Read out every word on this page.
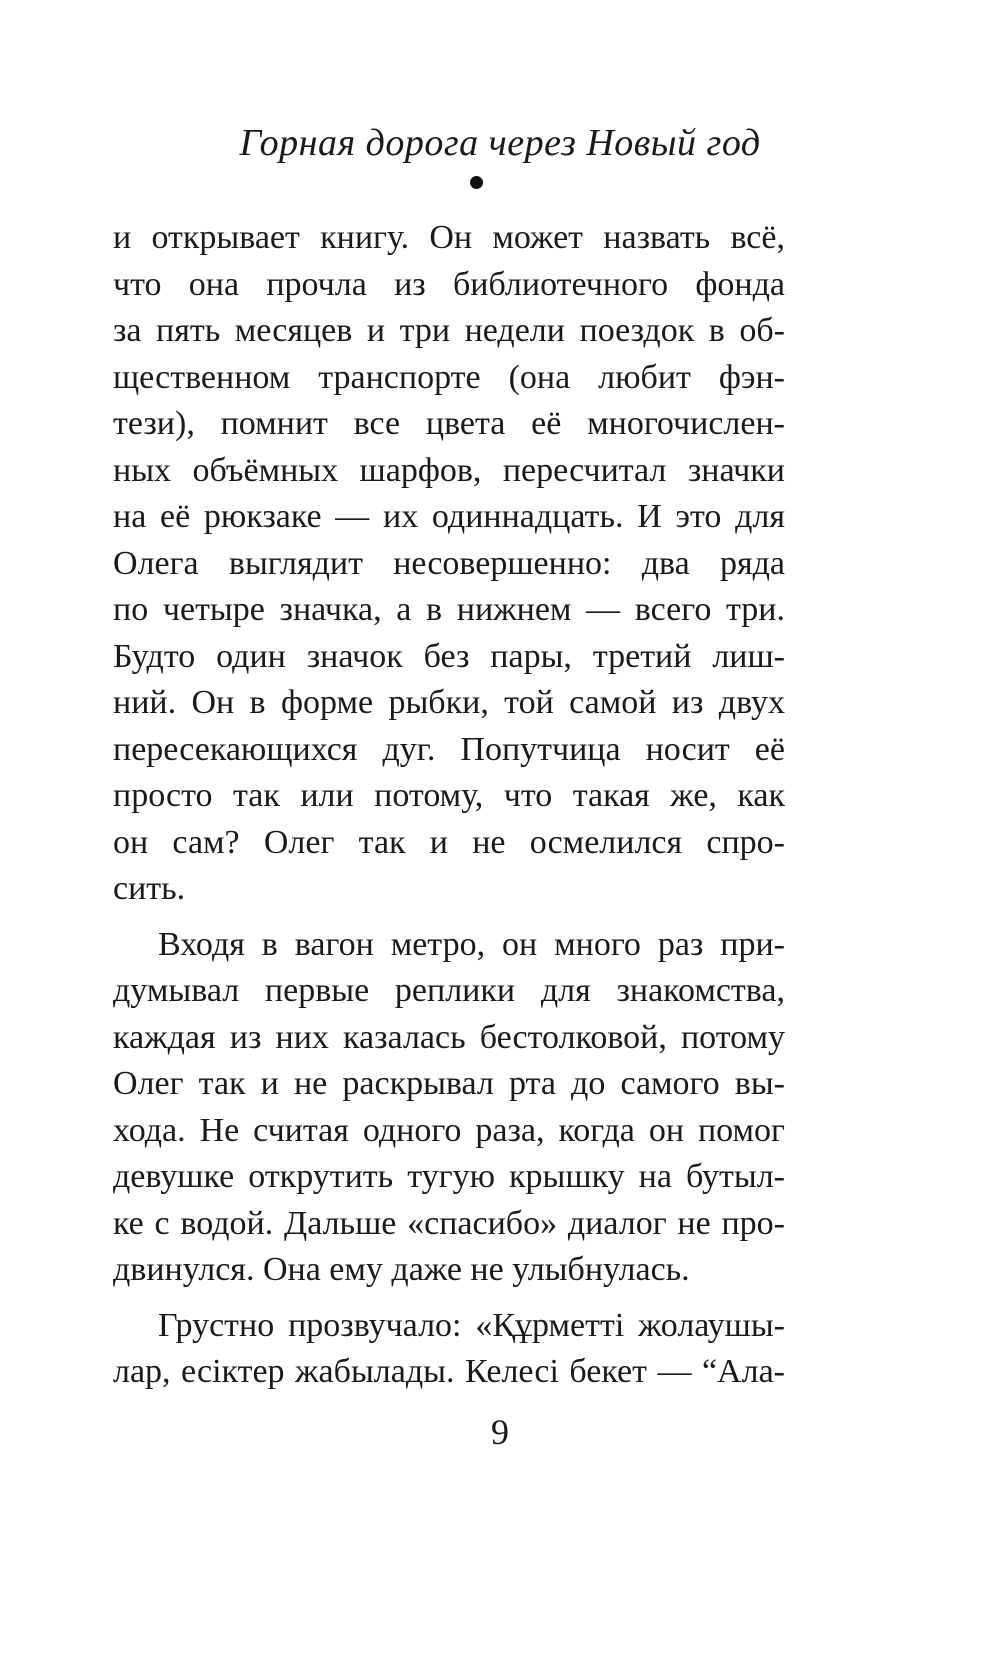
Горная дорога через Новый год
и открывает книгу. Он может назвать всё,
что она прочла из библиотечного фонда
за пять месяцев и три недели поездок в об-
щественном транспорте (она любит фэн-
тези), помнит все цвета её многочислен-
ных объёмных шарфов, пересчитал значки
на её рюкзаке — их одиннадцать. И это для
Олега выглядит несовершенно: два ряда
по четыре значка, а в нижнем — всего три.
Будто один значок без пары, третий лиш-
ний. Он в форме рыбки, той самой из двух
пересекающихся дуг. Попутчица носит её
просто так или потому, что такая же, как
он сам? Олег так и не осмелился спро-
сить.
Входя в вагон метро, он много раз при-
думывал первые реплики для знакомства,
каждая из них казалась бестолковой, потому
Олег так и не раскрывал рта до самого вы-
хода. Не считая одного раза, когда он помог
девушке открутить тугую крышку на бутыл-
ке с водой. Дальше «спасибо» диалог не про-
двинулся. Она ему даже не улыбнулась.
Грустно прозвучало: «Құрметті жолаушы-
лар, есіктер жабылады. Келесі бекет — “Ала-
9
